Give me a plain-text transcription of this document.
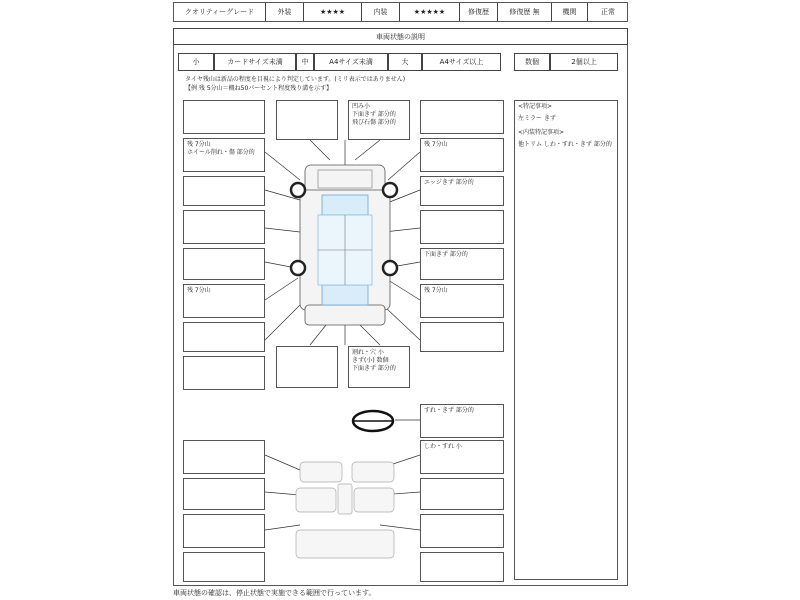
クオリティーグレード	外装	★★★★	内装	★★★★★	修復歴	修復歴 無	機関	正常
車両状態の説明
小	カードサイズ未満	中	A4サイズ未満	大	A4サイズ以上	数個	2個以上
タイヤ残山は新品の程度を目視により判定しています。(ミリ表示ではありません)
【例 残 5分山＝概ね50パーセント程度残り溝を示す】
残 7分山
ホイール削れ・傷 部分的
残 7分山
凹み小
下面きず 部分的
飛び石傷 部分的
残 7分山
エッジきず 部分的
下面きず 部分的
残 7分山
割れ・穴 小
きず(小) 数個
下面きず 部分的
<特記事項>
左ミラー きず
<内装特記事項>
他トリム しわ・すれ・きず 部分的
すれ・きず 部分的
しわ・すれ 小
車両状態の確認は、停止状態で実施できる範囲で行っています。
